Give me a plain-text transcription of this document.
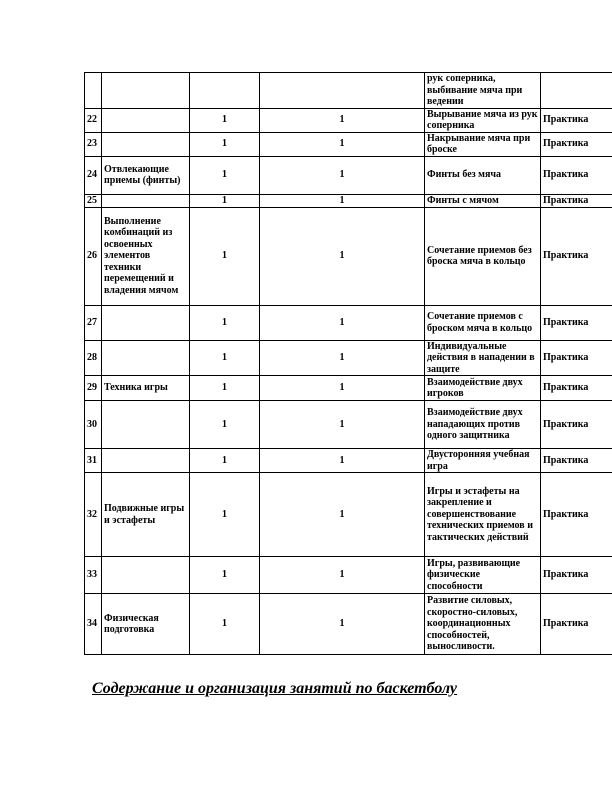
				рук соперника, выбивание мяча при ведении	
22		1	1	Вырывание мяча из рук соперника	Практика
23		1	1	Накрывание мяча при броске	Практика
24	Отвлекающие приемы (финты)	1	1	Финты без мяча	Практика
25		1	1	Финты с мячом	Практика
26	Выполнение комбинаций из освоенных элементов техники перемещений и владения мячом	1	1	Сочетание приемов без броска мяча в кольцо	Практика
27		1	1	Сочетание приемов с броском мяча в кольцо	Практика
28		1	1	Индивидуальные действия в нападении в защите	Практика
29	Техника игры	1	1	Взаимодействие двух игроков	Практика
30		1	1	Взаимодействие двух нападающих против одного защитника	Практика
31		1	1	Двусторонняя учебная игра	Практика
32	Подвижные игры и эстафеты	1	1	Игры и эстафеты на закрепление и совершенствование технических приемов и тактических действий	Практика
33		1	1	Игры, развивающие физические способности	Практика
34	Физическая подготовка	1	1	Развитие силовых, скоростно-силовых, координационных способностей, выносливости.	Практика
Содержание и организация занятий по баскетболу
